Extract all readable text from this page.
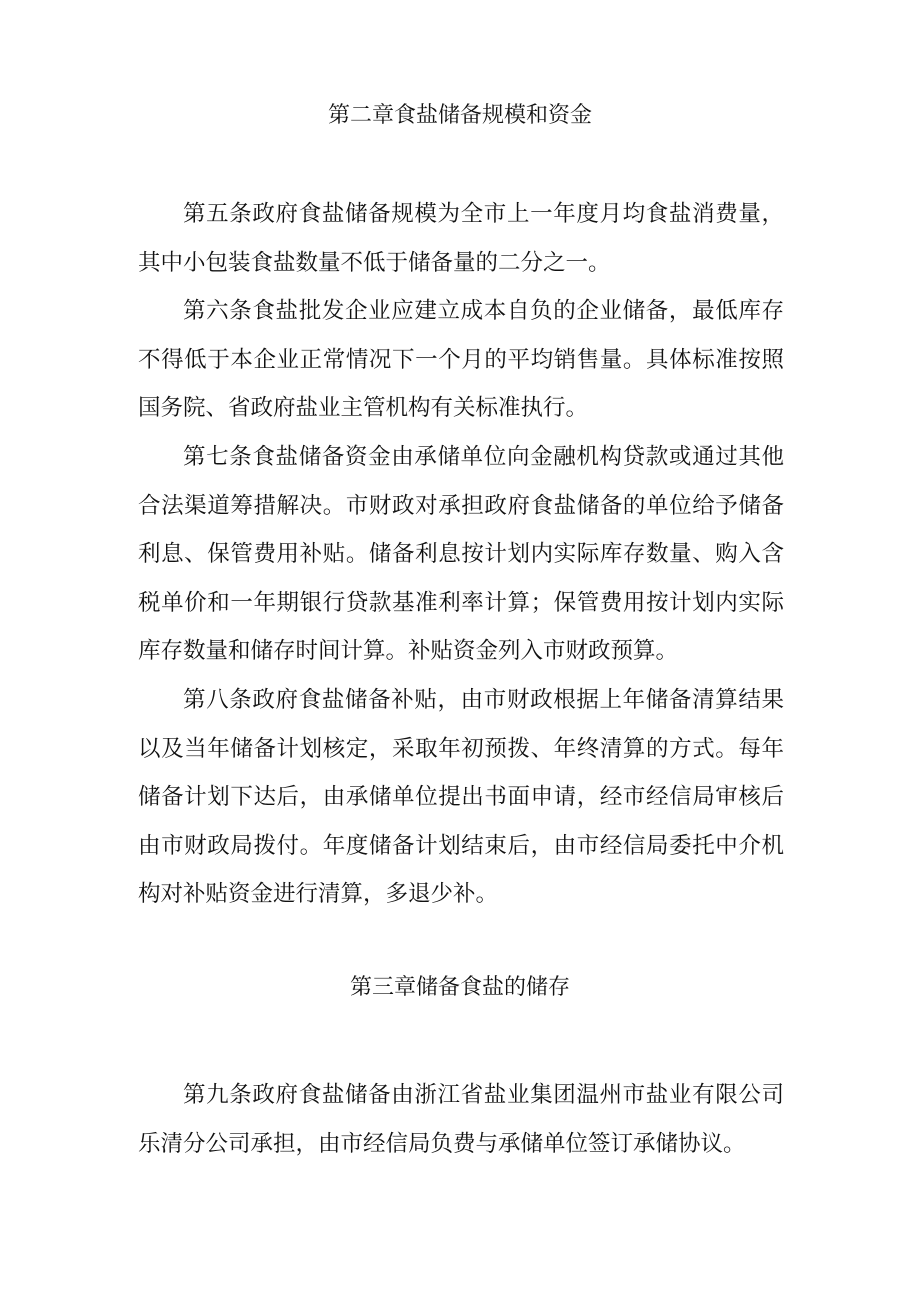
第二章食盐储备规模和资金

第五条政府食盐储备规模为全市上一年度月均食盐消费量，其中小包装食盐数量不低于储备量的二分之一。

第六条食盐批发企业应建立成本自负的企业储备，最低库存不得低于本企业正常情况下一个月的平均销售量。具体标准按照国务院、省政府盐业主管机构有关标准执行。

第七条食盐储备资金由承储单位向金融机构贷款或通过其他合法渠道筹措解决。市财政对承担政府食盐储备的单位给予储备利息、保管费用补贴。储备利息按计划内实际库存数量、购入含税单价和一年期银行贷款基准利率计算；保管费用按计划内实际库存数量和储存时间计算。补贴资金列入市财政预算。

第八条政府食盐储备补贴，由市财政根据上年储备清算结果以及当年储备计划核定，采取年初预拨、年终清算的方式。每年储备计划下达后，由承储单位提出书面申请，经市经信局审核后由市财政局拨付。年度储备计划结束后，由市经信局委托中介机构对补贴资金进行清算，多退少补。

第三章储备食盐的储存

第九条政府食盐储备由浙江省盐业集团温州市盐业有限公司乐清分公司承担，由市经信局负费与承储单位签订承储协议。
